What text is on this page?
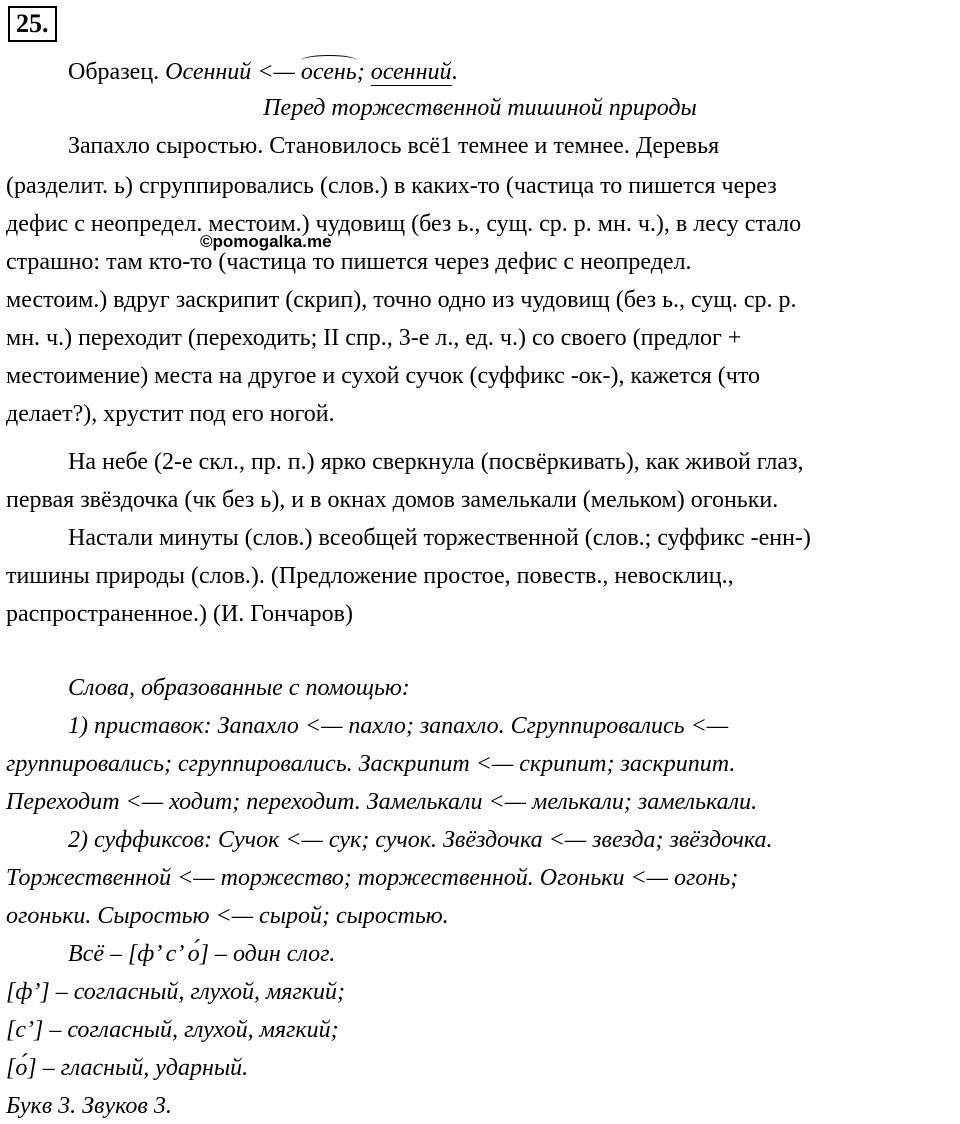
25.
Образец. Осенний <— осень; осенний.
Перед торжественной тишиной природы
Запахло сыростью. Становилось всё1 темнее и темнее. Деревья
(разделит. ь) сгруппировались (слов.) в каких-то (частица то пишется через
дефис с неопредел. местоим.) чудовищ (без ь., сущ. ср. р. мн. ч.), в лесу стало
©pomogalka.me
страшно: там кто-то (частица то пишется через дефис с неопредел.
местоим.) вдруг заскрипит (скрип), точно одно из чудовищ (без ь., сущ. ср. р.
мн. ч.) переходит (переходить; II спр., 3-е л., ед. ч.) со своего (предлог +
местоимение) места на другое и сухой сучок (суффикс -ок-), кажется (что
делает?), хрустит под его ногой.
На небе (2-е скл., пр. п.) ярко сверкнула (посвёркивать), как живой глаз,
первая звёздочка (чк без ь), и в окнах домов замелькали (мельком) огоньки.
Настали минуты (слов.) всеобщей торжественной (слов.; суффикс -енн-)
тишины природы (слов.). (Предложение простое, повеств., невосклиц.,
распространенное.) (И. Гончаров)
Слова, образованные с помощью:
1) приставок: Запахло <— пахло; запахло. Сгруппировались <—
группировались; сгруппировались. Заскрипит <— скрипит; заскрипит.
Переходит <— ходит; переходит. Замелькали <— мелькали; замелькали.
2) суффиксов: Сучок <— сук; сучок. Звёздочка <— звезда; звёздочка.
Торжественной <— торжество; торжественной. Огоньки <— огонь;
огоньки. Сыростью <— сырой; сыростью.
Всё – [ф’ с’ о́] – один слог.
[ф’] – согласный, глухой, мягкий;
[с’] – согласный, глухой, мягкий;
[о́] – гласный, ударный.
Букв 3. Звуков 3.
